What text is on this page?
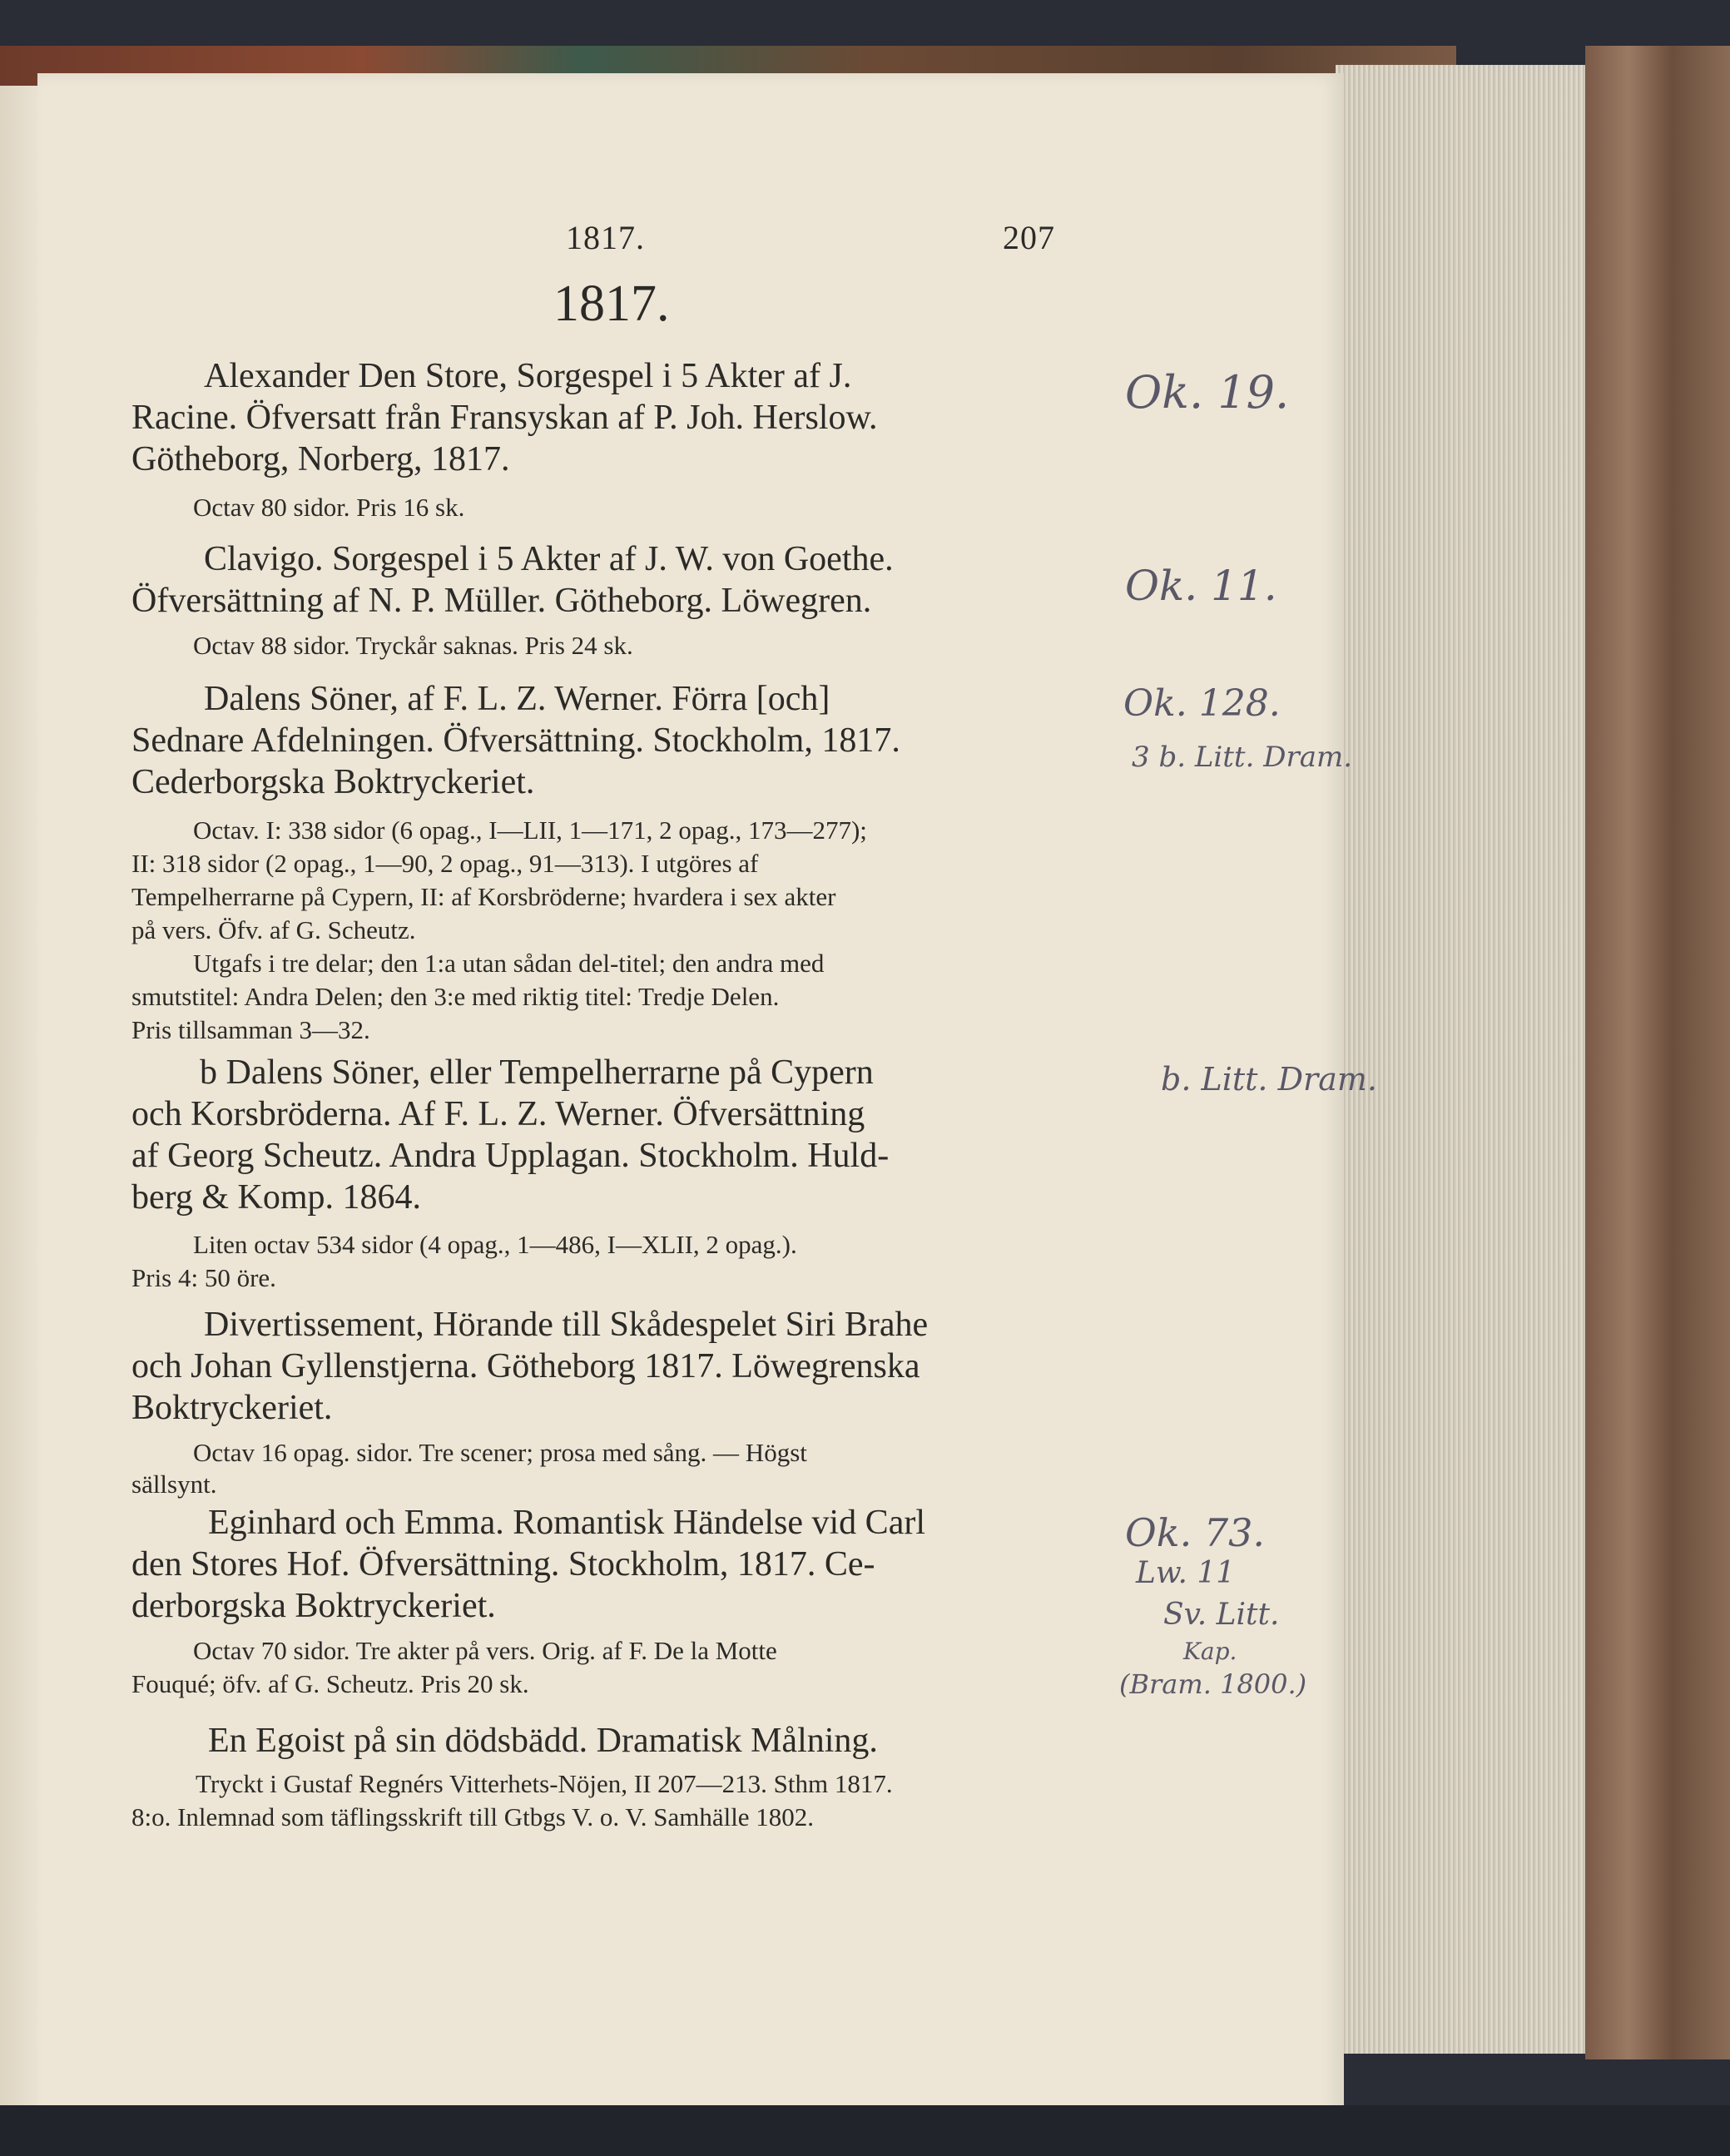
1817.	207
1817.
Alexander Den Store, Sorgespel i 5 Akter af J.
Racine. Öfversatt från Fransyskan af P. Joh. Herslow.
Götheborg, Norberg, 1817.
Octav 80 sidor. Pris 16 sk.
Clavigo. Sorgespel i 5 Akter af J. W. von Goethe.
Öfversättning af N. P. Müller. Götheborg. Löwegren.
Octav 88 sidor. Tryckår saknas. Pris 24 sk.
Dalens Söner, af F. L. Z. Werner. Förra [och]
Sednare Afdelningen. Öfversättning. Stockholm, 1817.
Cederborgska Boktryckeriet.
Octav. I: 338 sidor (6 opag., I—LII, 1—171, 2 opag., 173—277);
II: 318 sidor (2 opag., 1—90, 2 opag., 91—313). I utgöres af
Tempelherrarne på Cypern, II: af Korsbröderne; hvardera i sex akter
på vers. Öfv. af G. Scheutz.
Utgafs i tre delar; den 1:a utan sådan del-titel; den andra med
smutstitel: Andra Delen; den 3:e med riktig titel: Tredje Delen.
Pris tillsamman 3—32.
b Dalens Söner, eller Tempelherrarne på Cypern
och Korsbröderna. Af F. L. Z. Werner. Öfversättning
af Georg Scheutz. Andra Upplagan. Stockholm. Huld-
berg & Komp. 1864.
Liten octav 534 sidor (4 opag., 1—486, I—XLII, 2 opag.).
Pris 4: 50 öre.
Divertissement, Hörande till Skådespelet Siri Brahe
och Johan Gyllenstjerna. Götheborg 1817. Löwegrenska
Boktryckeriet.
Octav 16 opag. sidor. Tre scener; prosa med sång. — Högst
sällsynt.
Eginhard och Emma. Romantisk Händelse vid Carl
den Stores Hof. Öfversättning. Stockholm, 1817. Ce-
derborgska Boktryckeriet.
Octav 70 sidor. Tre akter på vers. Orig. af F. De la Motte
Fouqué; öfv. af G. Scheutz. Pris 20 sk.
En Egoist på sin dödsbädd. Dramatisk Målning.
Tryckt i Gustaf Regnérs Vitterhets-Nöjen, II 207—213. Sthm 1817.
8:o. Inlemnad som täflingsskrift till Gtbgs V. o. V. Samhälle 1802.
Ok. 19.
Ok. 11.
Ok. 128.
3 b. Litt. Dram.
b. Litt. Dram.
Ok. 73.
Lw. 11
Sv. Litt.
Kap.
(Bram. 1800.)
